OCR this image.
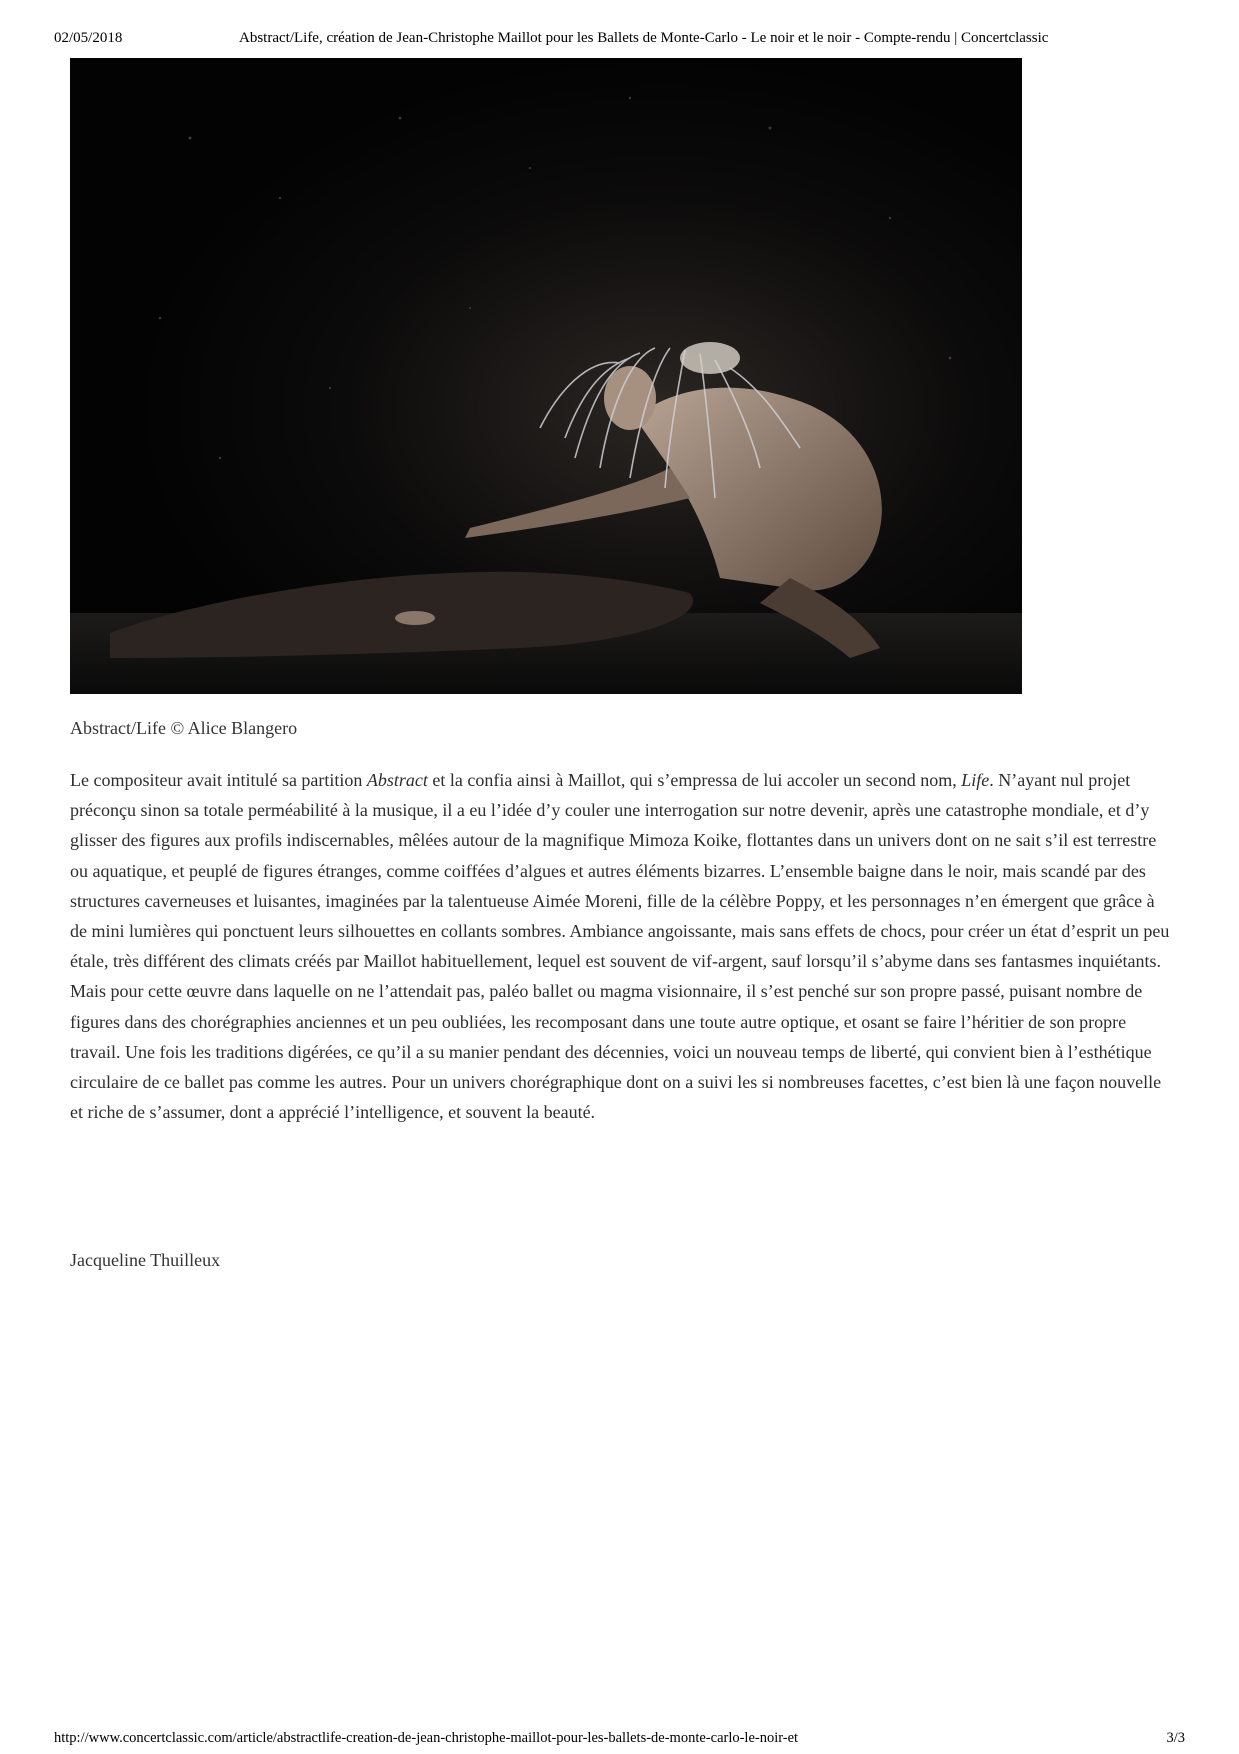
02/05/2018	Abstract/Life, création de Jean-Christophe Maillot pour les Ballets de Monte-Carlo - Le noir et le noir - Compte-rendu | Concertclassic
Abstract/Life © Alice Blangero

Le compositeur avait intitulé sa partition Abstract et la confia ainsi à Maillot, qui s’empressa de lui accoler un second nom, Life. N’ayant nul projet préconçu sinon sa totale perméabilité à la musique, il a eu l’idée d’y couler une interrogation sur notre devenir, après une catastrophe mondiale, et d’y glisser des figures aux profils indiscernables, mêlées autour de la magnifique Mimoza Koike, flottantes dans un univers dont on ne sait s’il est terrestre ou aquatique, et peuplé de figures étranges, comme coiffées d’algues et autres éléments bizarres. L’ensemble baigne dans le noir, mais scandé par des structures caverneuses et luisantes, imaginées par la talentueuse Aimée Moreni, fille de la célèbre Poppy, et les personnages n’en émergent que grâce à de mini lumières qui ponctuent leurs silhouettes en collants sombres. Ambiance angoissante, mais sans effets de chocs, pour créer un état d’esprit un peu étale, très différent des climats créés par Maillot habituellement, lequel est souvent de vif-argent, sauf lorsqu’il s’abyme dans ses fantasmes inquiétants.

Mais pour cette œuvre dans laquelle on ne l’attendait pas, paléo ballet ou magma visionnaire, il s’est penché sur son propre passé, puisant nombre de figures dans des chorégraphies anciennes et un peu oubliées, les recomposant dans une toute autre optique, et osant se faire l’héritier de son propre travail. Une fois les traditions digérées, ce qu’il a su manier pendant des décennies, voici un nouveau temps de liberté, qui convient bien à l’esthétique circulaire de ce ballet pas comme les autres. Pour un univers chorégraphique dont on a suivi les si nombreuses facettes, c’est bien là une façon nouvelle et riche de s’assumer, dont a apprécié l’intelligence, et souvent la beauté.

Jacqueline Thuilleux
http://www.concertclassic.com/article/abstractlife-creation-de-jean-christophe-maillot-pour-les-ballets-de-monte-carlo-le-noir-et	3/3
